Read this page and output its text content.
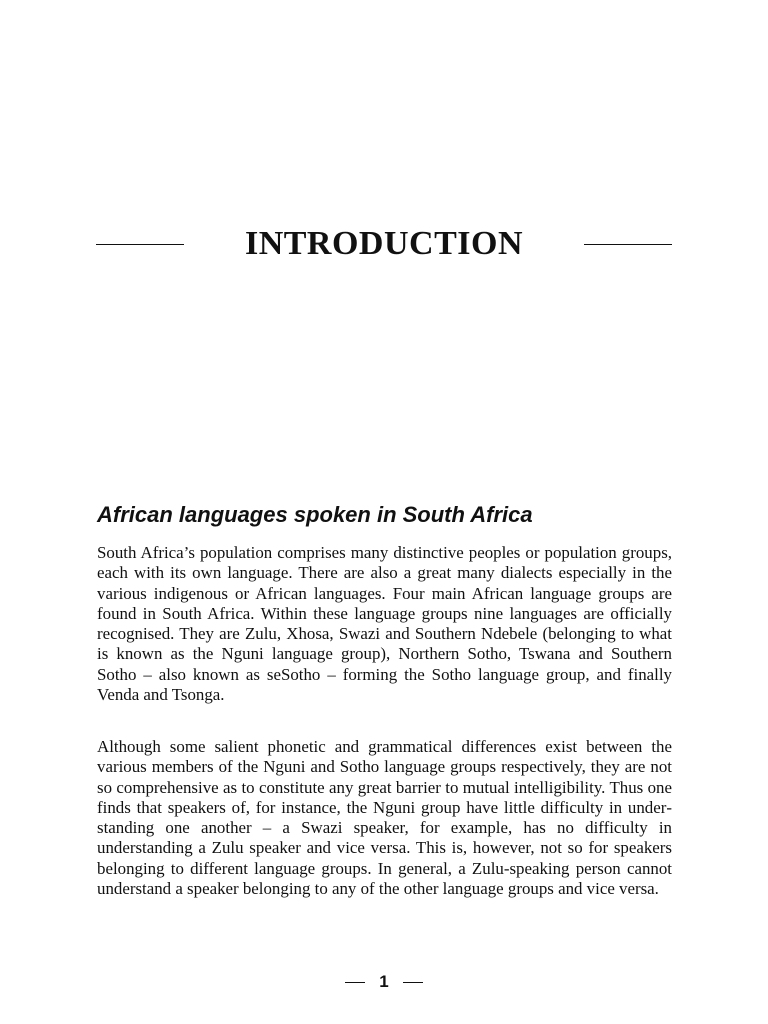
INTRODUCTION
African languages spoken in South Africa

South Africa’s population comprises many distinctive peoples or population groups, each with its own language. There are also a great many dialects especially in the various indigenous or African languages. Four main African language groups are found in South Africa. Within these language groups nine languages are officially recognised. They are Zulu, Xhosa, Swazi and Southern Ndebele (belonging to what is known as the Nguni language group), Northern Sotho, Tswana and Southern Sotho – also known as seSotho – forming the Sotho language group, and finally Venda and Tsonga.

Although some salient phonetic and grammatical differences exist between the various members of the Nguni and Sotho language groups respectively, they are not so comprehensive as to constitute any great barrier to mutual intelligibility. Thus one finds that speakers of, for instance, the Nguni group have little difficulty in understanding one another – a Swazi speaker, for example, has no difficulty in understanding a Zulu speaker and vice versa. This is, however, not so for speakers belonging to different language groups. In general, a Zulu-speaking person cannot understand a speaker belonging to any of the other language groups and vice versa.

1
